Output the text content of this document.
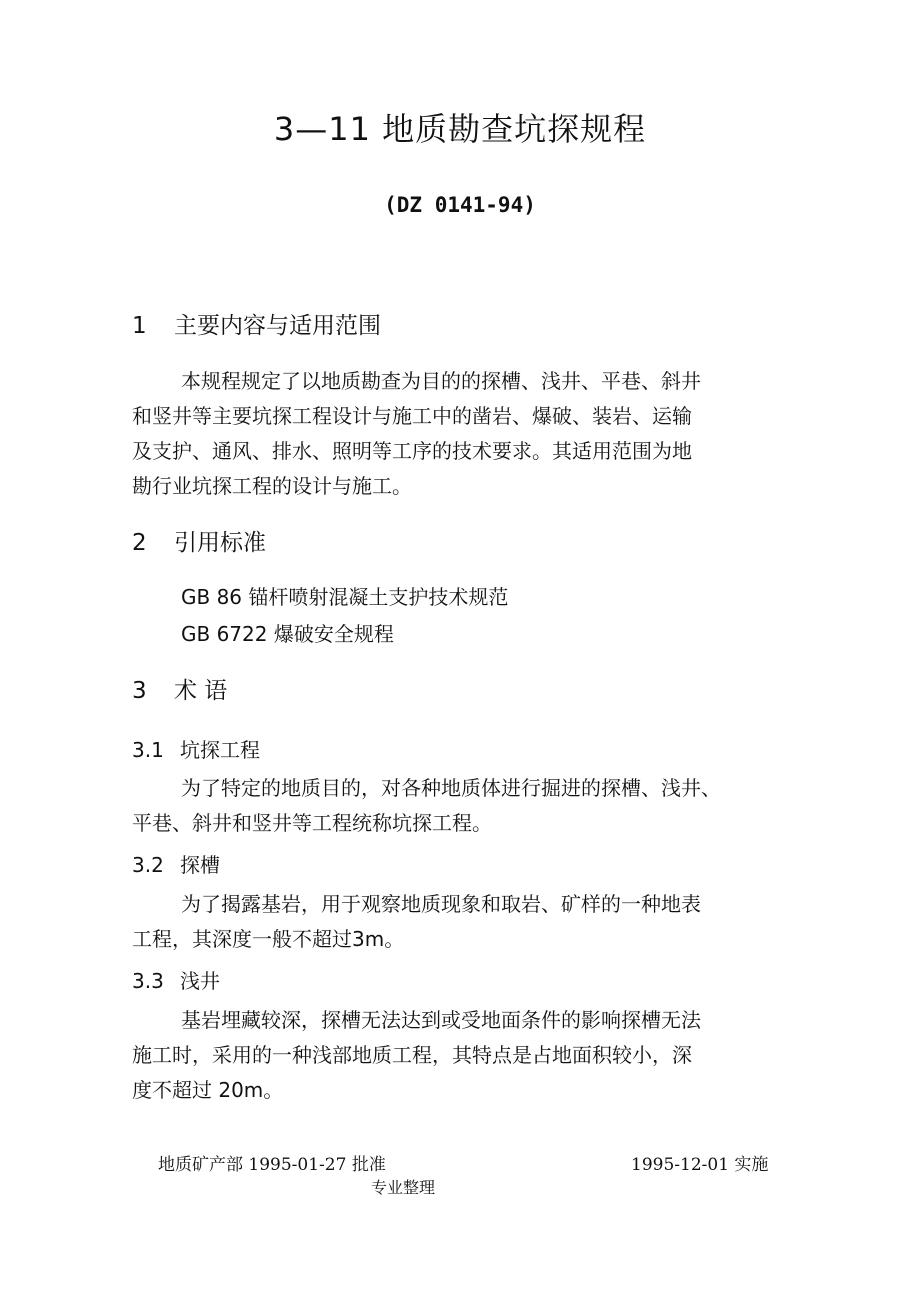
3—11 地质勘查坑探规程
(DZ 0141-94)
1 主要内容与适用范围
本规程规定了以地质勘查为目的的探槽、浅井、平巷、斜井
和竖井等主要坑探工程设计与施工中的凿岩、爆破、装岩、运输
及支护、通风、排水、照明等工序的技术要求。其适用范围为地
勘行业坑探工程的设计与施工。
2 引用标准
GB 86 锚杆喷射混凝土支护技术规范
GB 6722 爆破安全规程
3 术 语
3.1 坑探工程
为了特定的地质目的，对各种地质体进行掘进的探槽、浅井、
平巷、斜井和竖井等工程统称坑探工程。
3.2 探槽
为了揭露基岩，用于观察地质现象和取岩、矿样的一种地表
工程，其深度一般不超过3m。
3.3 浅井
基岩埋藏较深，探槽无法达到或受地面条件的影响探槽无法
施工时，采用的一种浅部地质工程，其特点是占地面积较小，深
度不超过 20m。
地质矿产部 1995-01-27 批准	1995-12-01 实施
专业整理
